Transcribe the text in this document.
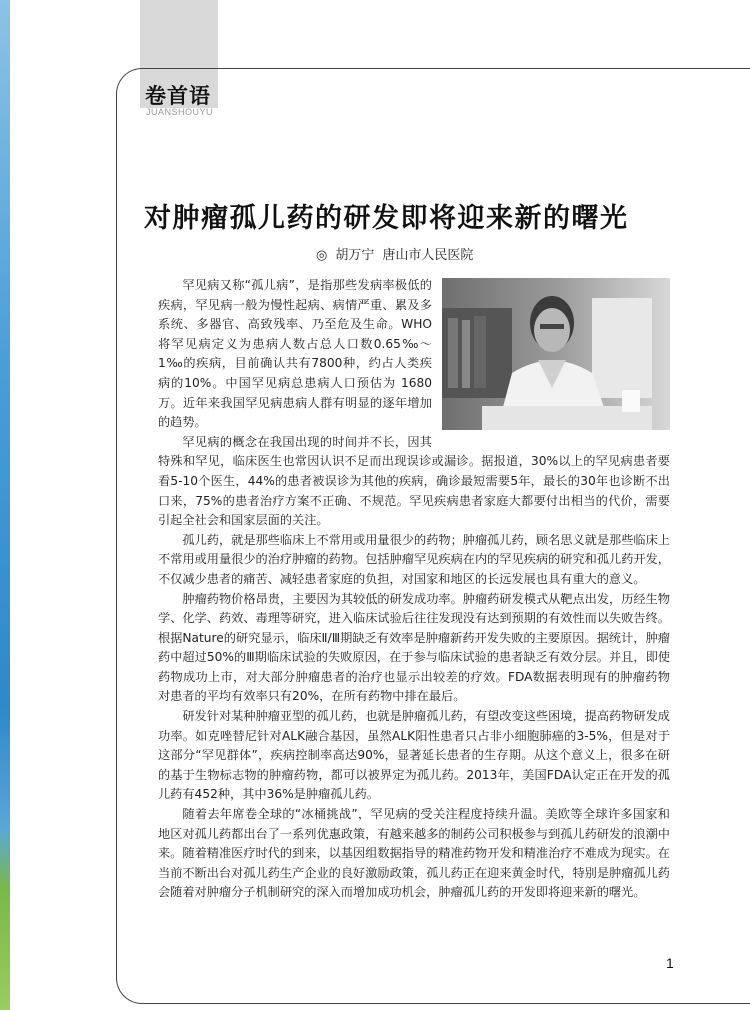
卷首语
JUANSHOUYU
对肿瘤孤儿药的研发即将迎来新的曙光
◎ 胡万宁 唐山市人民医院

罕见病又称“孤儿病”，是指那些发病率极低的疾病，罕见病一般为慢性起病、病情严重、累及多系统、多器官、高致残率、乃至危及生命。WHO将罕见病定义为患病人数占总人口数0.65‰～1‰的疾病，目前确认共有7800种，约占人类疾病的10%。中国罕见病总患病人口预估为 1680 万。近年来我国罕见病患病人群有明显的逐年增加的趋势。

罕见病的概念在我国出现的时间并不长，因其特殊和罕见，临床医生也常因认识不足而出现误诊或漏诊。据报道，30%以上的罕见病患者要看5-10个医生，44%的患者被误诊为其他的疾病，确诊最短需要5年，最长的30年也诊断不出口来，75%的患者治疗方案不正确、不规范。罕见疾病患者家庭大都要付出相当的代价，需要引起全社会和国家层面的关注。

孤儿药，就是那些临床上不常用或用量很少的药物；肿瘤孤儿药，顾名思义就是那些临床上不常用或用量很少的治疗肿瘤的药物。包括肿瘤罕见疾病在内的罕见疾病的研究和孤儿药开发，不仅减少患者的痛苦、减轻患者家庭的负担，对国家和地区的长远发展也具有重大的意义。

肿瘤药物价格昂贵，主要因为其较低的研发成功率。肿瘤药研发模式从靶点出发，历经生物学、化学、药效、毒理等研究，进入临床试验后往往发现没有达到预期的有效性而以失败告终。根据Nature的研究显示，临床Ⅱ/Ⅲ期缺乏有效率是肿瘤新药开发失败的主要原因。据统计，肿瘤药中超过50%的Ⅲ期临床试验的失败原因，在于参与临床试验的患者缺乏有效分层。并且，即使药物成功上市，对大部分肿瘤患者的治疗也显示出较差的疗效。FDA数据表明现有的肿瘤药物对患者的平均有效率只有20%，在所有药物中排在最后。

研发针对某种肿瘤亚型的孤儿药，也就是肿瘤孤儿药，有望改变这些困境，提高药物研发成功率。如克唑替尼针对ALK融合基因，虽然ALK阳性患者只占非小细胞肺癌的3-5%，但是对于这部分“罕见群体”，疾病控制率高达90%，显著延长患者的生存期。从这个意义上，很多在研的基于生物标志物的肿瘤药物，都可以被界定为孤儿药。2013年，美国FDA认定正在开发的孤儿药有452种，其中36%是肿瘤孤儿药。

随着去年席卷全球的“冰桶挑战”，罕见病的受关注程度持续升温。美欧等全球许多国家和地区对孤儿药都出台了一系列优惠政策，有越来越多的制药公司积极参与到孤儿药研发的浪潮中来。随着精准医疗时代的到来，以基因组数据指导的精准药物开发和精准治疗不难成为现实。在当前不断出台对孤儿药生产企业的良好激励政策，孤儿药正在迎来黄金时代，特别是肿瘤孤儿药会随着对肿瘤分子机制研究的深入而增加成功机会，肿瘤孤儿药的开发即将迎来新的曙光。

1
